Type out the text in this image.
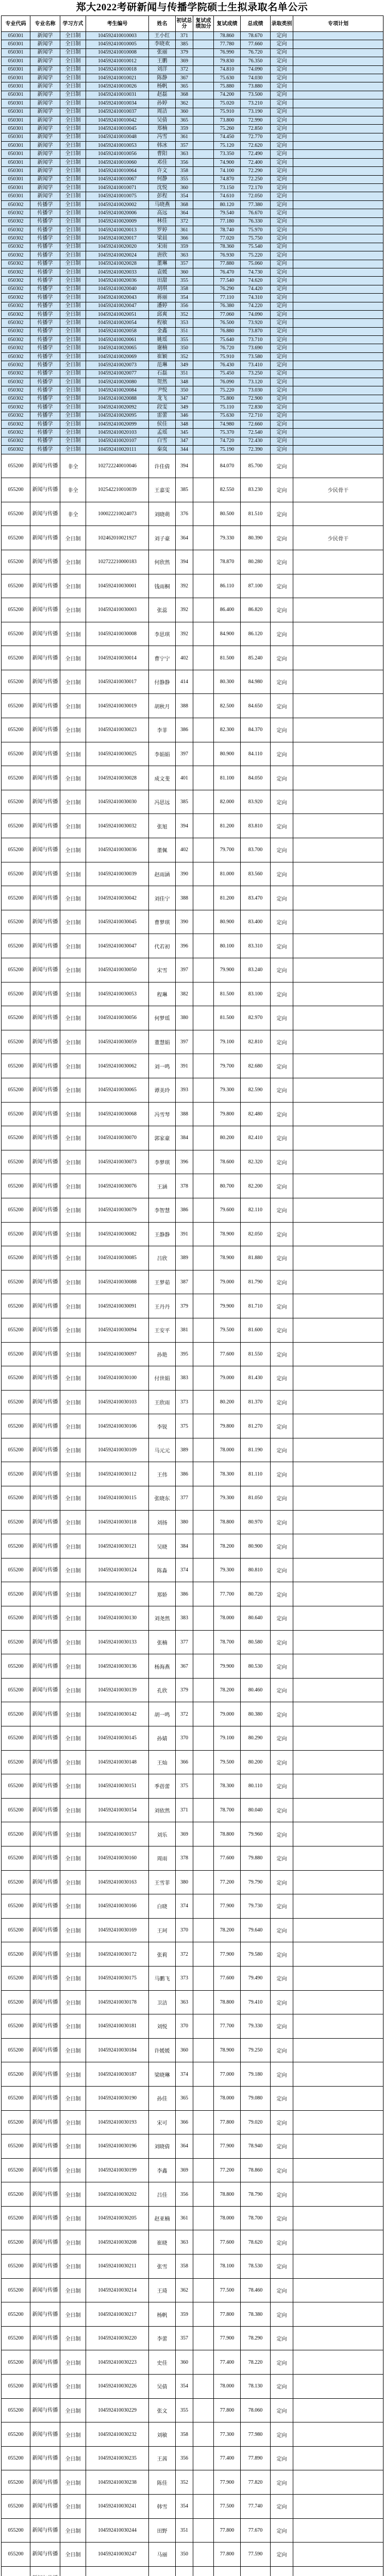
郑大2022考研新闻与传播学院硕士生拟录取名单公示
专业代码	专业名称	学习方式	考生编号	姓名	初试总分	复试成绩加分	复试成绩	总成绩	录取类别	专项计划
050301	新闻学	全日制	104592410010003	王小红	371		78.860	78.670	定向	
050301	新闻学	全日制	104592410010005	李晓欢	385		77.780	77.660	定向	
050301	新闻学	全日制	104592410010008	张丽	379		76.990	76.720	定向	
050301	新闻学	全日制	104592410010012	王鹏	369		79.830	76.350	定向	
050301	新闻学	全日制	104592410010018	刘洋	372		74.810	74.090	定向	
050301	新闻学	全日制	104592410010021	陈静	367		75.630	74.030	定向	
050301	新闻学	全日制	104592410010026	杨帆	365		75.880	73.880	定向	
050301	新闻学	全日制	104592410010031	赵磊	368		74.200	73.500	定向	
050301	新闻学	全日制	104592410010034	孙婷	362		75.020	73.210	定向	
050301	新闻学	全日制	104592410010037	周洁	360		75.910	73.190	定向	
050301	新闻学	全日制	104592410010042	吴倩	365		73.800	72.990	定向	
050301	新闻学	全日制	104592410010045	郑楠	359		75.260	72.850	定向	
050301	新闻学	全日制	104592410010048	冯雪	361		74.450	72.770	定向	
050301	新闻学	全日制	104592410010053	韩冰	357		75.120	72.620	定向	
050301	新闻学	全日制	104592410010056	曹阳	363		73.350	72.490	定向	
050301	新闻学	全日制	104592410010060	邓佳	356		74.900	72.400	定向	
050301	新闻学	全日制	104592410010064	许文	358		74.100	72.290	定向	
050301	新闻学	全日制	104592410010067	何静	355		74.870	72.250	定向	
050301	新闻学	全日制	104592410010071	沈悦	360		73.150	72.170	定向	
050301	新闻学	全日制	104592410010075	彭程	354		74.610	72.050	定向	
050302	传播学	全日制	104592410020002	马晓燕	368		80.120	77.380	定向	
050302	传播学	全日制	104592410020006	高远	364		79.540	76.670	定向	
050302	传播学	全日制	104592410020009	林佳	372		77.180	76.330	定向	
050302	传播学	全日制	104592410020013	罗婷	361		78.740	75.970	定向	
050302	传播学	全日制	104592410020017	梁晨	366		77.020	75.750	定向	
050302	传播学	全日制	104592410020020	宋雨	359		78.360	75.540	定向	
050302	传播学	全日制	104592410020024	唐欣	363		76.930	75.220	定向	
050302	传播学	全日制	104592410020028	董琳	357		77.880	75.060	定向	
050302	传播学	全日制	104592410020033	袁媛	360		76.470	74.730	定向	
050302	传播学	全日制	104592410020036	田甜	355		77.540	74.620	定向	
050302	传播学	全日制	104592410020040	胡琪	358		76.290	74.420	定向	
050302	传播学	全日制	104592410020043	蒋丽	354		77.110	74.310	定向	
050302	传播学	全日制	104592410020047	潘婷	356		76.380	74.220	定向	
050302	传播学	全日制	104592410020051	邱爽	352		77.060	74.090	定向	
050302	传播学	全日制	104592410020054	程敏	353		76.500	73.920	定向	
050302	传播学	全日制	104592410020058	金鑫	351		76.880	73.870	定向	
050302	传播学	全日制	104592410020061	姚瑶	355		75.640	73.710	定向	
050302	传播学	全日制	104592410020065	谢楠	350		76.720	73.690	定向	
050302	传播学	全日制	104592410020069	崔颖	352		75.910	73.580	定向	
050302	传播学	全日制	104592410020073	范琳	349		76.430	73.410	定向	
050302	传播学	全日制	104592410020077	石磊	351		75.450	73.250	定向	
050302	传播学	全日制	104592410020080	贺然	348		76.090	73.120	定向	
050302	传播学	全日制	104592410020084	尹悦	350		75.220	73.030	定向	
050302	传播学	全日制	104592410020088	龙飞	347		75.800	72.900	定向	
050302	传播学	全日制	104592410020092	段雯	349		75.110	72.830	定向	
050302	传播学	全日制	104592410020095	雷蕾	346		75.630	72.710	定向	
050302	传播学	全日制	104592410020099	侯佳	348		74.980	72.660	定向	
050302	传播学	全日制	104592410020103	孟瑶	345		75.370	72.540	定向	
050302	传播学	全日制	104592410020107	白雪	347		74.720	72.430	定向	
050302	传播学	全日制	104592410020111	秦岚	344		75.190	72.390	定向	
055200	新闻与传播	非全	102722240010046	许佳倩	394		84.070	85.700	定向	
055200	新闻与传播	非全	102542210010039	王嘉雯	385		82.550	83.230	定向	少民骨干
055200	新闻与传播	非全	100022210024073	刘晓萌	376		80.500	81.510	定向	
055200	新闻与传播	全日制	102462010021927	刘子豪	364		79.330	80.390	定向	少民骨干
055200	新闻与传播	全日制	102722210000183	何欣然	394		78.870	80.280	定向	
055200	新闻与传播	全日制	104592410030001	钱雨桐	392		86.110	87.100	定向	
055200	新闻与传播	全日制	104592410030003	张蕊	392		86.400	86.820	定向	
055200	新闻与传播	全日制	104592410030008	李思琪	392		84.900	86.120	定向	
055200	新闻与传播	全日制	104592410030014	曹宁宁	402		81.500	85.240	定向	
055200	新闻与传播	全日制	104592410030017	付静静	414		80.300	84.980	定向	
055200	新闻与传播	全日制	104592410030019	胡秋月	388		82.500	84.650	定向	
055200	新闻与传播	全日制	104592410030023	李菲	386		82.300	84.370	定向	
055200	新闻与传播	全日制	104592410030025	李娟娟	397		80.900	84.110	定向	
055200	新闻与传播	全日制	104592410030028	成文斐	401		81.100	84.050	定向	
055200	新闻与传播	全日制	104592410030030	冯思远	385		82.000	83.920	定向	
055200	新闻与传播	全日制	104592410030032	张旭	394		81.200	83.810	定向	
055200	新闻与传播	全日制	104592410030036	董佩	402		79.700	83.700	定向	
055200	新闻与传播	全日制	104592410030039	赵雨涵	390		81.000	83.560	定向	
055200	新闻与传播	全日制	104592410030042	刘佳宁	388		81.200	83.470	定向	
055200	新闻与传播	全日制	104592410030045	曹梦琪	390		80.900	83.400	定向	
055200	新闻与传播	全日制	104592410030047	代若初	396		80.100	83.310	定向	
055200	新闻与传播	全日制	104592410030050	宋雪	397		79.900	83.240	定向	
055200	新闻与传播	全日制	104592410030053	程琳	382		81.500	83.100	定向	
055200	新闻与传播	全日制	104592410030056	何梦瑶	380		81.500	82.970	定向	
055200	新闻与传播	全日制	104592410030059	董慧娟	397		79.100	82.810	定向	
055200	新闻与传播	全日制	104592410030062	刘一鸣	391		79.700	82.680	定向	
055200	新闻与传播	全日制	104592410030065	谭美玲	393		79.300	82.590	定向	
055200	新闻与传播	全日制	104592410030068	冯雪琴	388		79.800	82.480	定向	
055200	新闻与传播	全日制	104592410030070	郭家豪	384		80.200	82.410	定向	
055200	新闻与传播	全日制	104592410030073	李梦琪	396		78.600	82.320	定向	
055200	新闻与传播	全日制	104592410030076	王涵	378		80.700	82.200	定向	
055200	新闻与传播	全日制	104592410030079	李智慧	386		79.600	82.110	定向	
055200	新闻与传播	全日制	104592410030082	王静静	391		78.900	82.050	定向	
055200	新闻与传播	全日制	104592410030085	吕欣	389		78.900	81.880	定向	
055200	新闻与传播	全日制	104592410030088	王梦茹	387		79.000	81.790	定向	
055200	新闻与传播	全日制	104592410030091	王丹丹	379		79.900	81.710	定向	
055200	新闻与传播	全日制	104592410030094	王安平	381		79.500	81.600	定向	
055200	新闻与传播	全日制	104592410030097	孙艳	395		77.600	81.550	定向	
055200	新闻与传播	全日制	104592410030100	付世娟	383		79.000	81.430	定向	
055200	新闻与传播	全日制	104592410030103	王欣雨	373		80.200	81.370	定向	
055200	新闻与传播	全日制	104592410030106	李锐	375		79.800	81.270	定向	
055200	新闻与传播	全日制	104592410030109	马元元	389		78.000	81.190	定向	
055200	新闻与传播	全日制	104592410030112	王伟	386		78.300	81.110	定向	
055200	新闻与传播	全日制	104592410030115	张晓东	377		79.300	81.050	定向	
055200	新闻与传播	全日制	104592410030118	刘扬	380		78.800	80.970	定向	
055200	新闻与传播	全日制	104592410030121	吴晓	384		78.200	80.900	定向	
055200	新闻与传播	全日制	104592410030124	陈淼	374		79.300	80.810	定向	
055200	新闻与传播	全日制	104592410030127	郑娇	386		77.700	80.720	定向	
055200	新闻与传播	全日制	104592410030130	刘尧然	383		78.000	80.640	定向	
055200	新闻与传播	全日制	104592410030133	张楠	377		78.700	80.580	定向	
055200	新闻与传播	全日制	104592410030136	杨海燕	367		79.900	80.530	定向	
055200	新闻与传播	全日制	104592410030139	孔欣	379		78.200	80.460	定向	
055200	新闻与传播	全日制	104592410030142	胡一鸣	372		79.000	80.380	定向	
055200	新闻与传播	全日制	104592410030145	孙婧	370		79.100	80.290	定向	
055200	新闻与传播	全日制	104592410030148	王灿	366		79.500	80.200	定向	
055200	新闻与传播	全日制	104592410030151	季蓓蕾	375		78.300	80.110	定向	
055200	新闻与传播	全日制	104592410030154	刘依然	371		78.700	80.040	定向	
055200	新闻与传播	全日制	104592410030157	刘乐	369		78.800	79.960	定向	
055200	新闻与传播	全日制	104592410030160	周雨	378		77.600	79.880	定向	
055200	新闻与传播	全日制	104592410030163	王雪菲	380		77.200	79.790	定向	
055200	新闻与传播	全日制	104592410030166	白晓	374		77.900	79.730	定向	
055200	新闻与传播	全日制	104592410030169	王珂	370		78.200	79.640	定向	
055200	新闻与传播	全日制	104592410030172	张莉	372		77.900	79.580	定向	
055200	新闻与传播	全日制	104592410030175	马鹏飞	373		77.600	79.490	定向	
055200	新闻与传播	全日制	104592410030178	卫洁	363		78.800	79.410	定向	
055200	新闻与传播	全日制	104592410030181	刘悦	370		77.700	79.330	定向	
055200	新闻与传播	全日制	104592410030184	许媛媛	360		78.900	79.250	定向	
055200	新闻与传播	全日制	104592410030187	梁晓琳	374		77.000	79.180	定向	
055200	新闻与传播	全日制	104592410030190	孙佳	365		78.000	79.080	定向	
055200	新闻与传播	全日制	104592410030193	宋可	366		77.800	79.020	定向	
055200	新闻与传播	全日制	104592410030196	刘晓倩	364		77.900	78.940	定向	
055200	新闻与传播	全日制	104592410030199	李鑫	369		77.200	78.860	定向	
055200	新闻与传播	全日制	104592410030202	吕佳	356		78.800	78.790	定向	
055200	新闻与传播	全日制	104592410030205	赵亚楠	361		78.000	78.700	定向	
055200	新闻与传播	全日制	104592410030208	崔晓	363		77.600	78.620	定向	
055200	新闻与传播	全日制	104592410030211	张雪	358		78.100	78.530	定向	
055200	新闻与传播	全日制	104592410030214	王琦	362		77.500	78.460	定向	
055200	新闻与传播	全日制	104592410030217	杨帆	359		77.800	78.380	定向	
055200	新闻与传播	全日制	104592410030220	李蕾	357		77.900	78.290	定向	
055200	新闻与传播	全日制	104592410030223	史佳	360		77.400	78.220	定向	
055200	新闻与传播	全日制	104592410030226	吴倩	354		78.000	78.130	定向	
055200	新闻与传播	全日制	104592410030229	张文	355		77.800	78.060	定向	
055200	新闻与传播	全日制	104592410030232	刘敏	358		77.300	77.980	定向	
055200	新闻与传播	全日制	104592410030235	王茜	356		77.400	77.890	定向	
055200	新闻与传播	全日制	104592410030238	陈佳	352		77.900	77.820	定向	
055200	新闻与传播	全日制	104592410030241	韩雪	354		77.500	77.740	定向	
055200	新闻与传播	全日制	104592410030244	田野	351		77.800	77.670	定向	
055200	新闻与传播	全日制	104592410030247	马丽	350		77.800	77.590	定向	
